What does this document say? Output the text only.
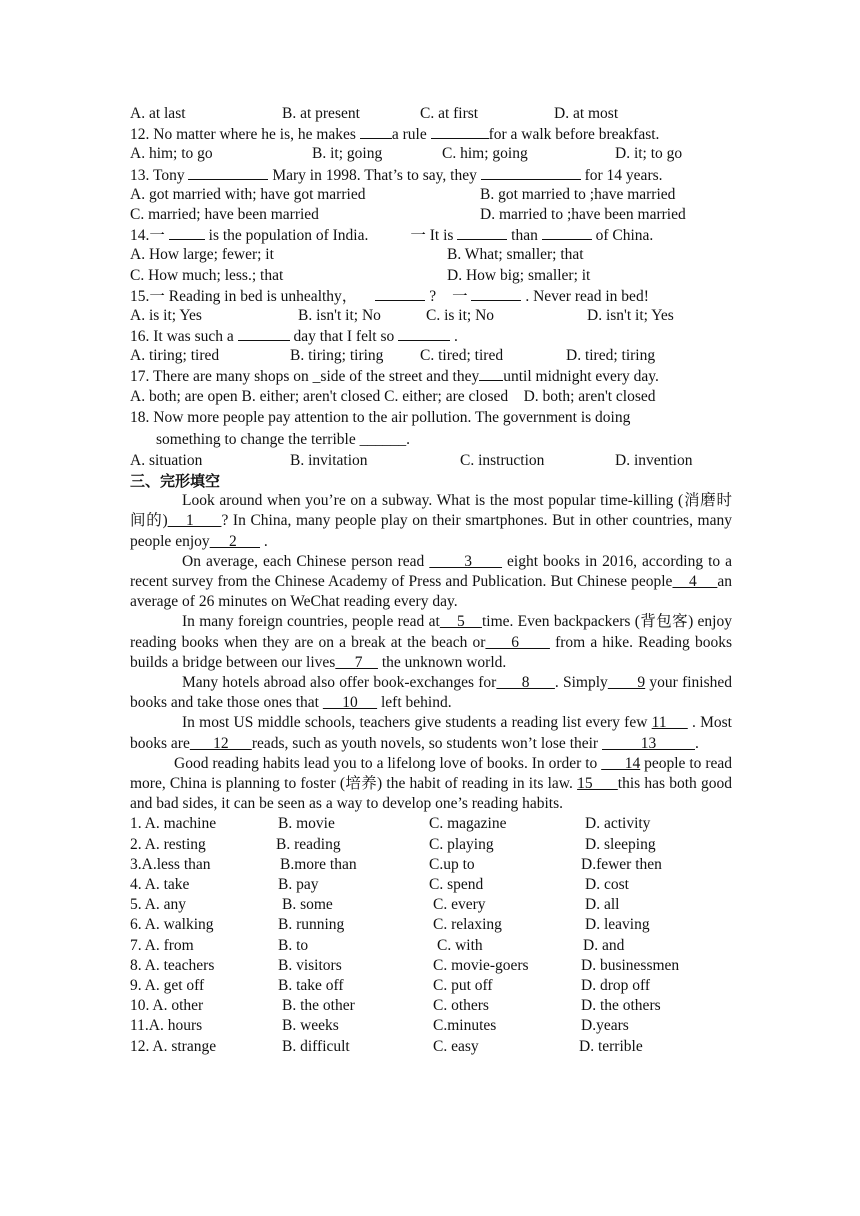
A. at last	B. at present	C. at first	D. at most
12. No matter where he is, he makes a rule	for a walk before breakfast.
A. him; to go	B. it; going	C. him; going	D. it; to go
13. Tony	Mary in 1998. That’s to say, they	for 14 years.
A. got married with; have got married	B. got married to ;have married
C. married; have been married	D. married to ;have been married
14.一  is the population of India.	一 It is	than	of China.
A. How large; fewer; it	B. What; smaller; that
C. How much; less.; that	D. How big; smaller; it
15.一 Reading in bed is unhealthy，	? 一	. Never read in bed!
A. is it; Yes	B. isn't it; No	C. is it; No	D. isn't it; Yes
16. It was such a	day that I felt so	.
A. tiring; tired	B. tiring; tiring C. tired; tired	D. tired; tiring
17. There are many shops on _side of the street and they until midnight every day.
A. both; are open B. either; aren't closed C. either; are closed    D. both; aren't closed
18. Now more people pay attention to the air pollution. The government is doing
something to change the terrible ______.
A. situation	B. invitation	C. instruction	D. invention
三、完形填空

Look around when you’re on a subway. What is the most popular time-killing (消磨时间的)    1      ? In China, many people play on their smartphones. But in other countries, many people enjoy     2       .

On average, each Chinese person read        3       eight books in 2016, according to a recent survey from the Chinese Academy of Press and Publication. But Chinese people    4     an average of 26 minutes on WeChat reading every day.

In many foreign countries, people read at    5    time. Even backpackers (背包客) enjoy reading books when they are on a break at the beach or     6       from a hike. Reading books builds a bridge between our lives     7     the unknown world.

Many hotels abroad also offer book-exchanges for      8      . Simply       9 your finished books and take those ones that      10      left behind.

In most US middle schools, teachers give students a reading list every few 11      . Most books are      12      reads, such as youth novels, so students won’t lose their           13          .

Good reading habits lead you to a lifelong love of books. In order to       14 people to read more, China is planning to foster (培养) the habit of reading in its law. 15      this has both good and bad sides, it can be seen as a way to develop one’s reading habits.

1. A. machine	B. movie	C. magazine	D. activity
2. A. resting	B. reading	C. playing	D. sleeping
3.A.less than	B.more than	C.up to	D.fewer then
4. A. take	B. pay	C. spend	D. cost
5. A. any	B. some	C. every	D. all
6. A. walking	B. running	C. relaxing	D. leaving
7. A. from	B. to	C. with	D. and
8. A. teachers	B. visitors	C. movie-goers	D. businessmen
9. A. get off	B. take off	C. put off	D. drop off
10. A. other	B. the other	C. others	D. the others
11.A. hours	B. weeks	C.minutes	D.years
12. A. strange	B. difficult	C. easy	D. terrible
